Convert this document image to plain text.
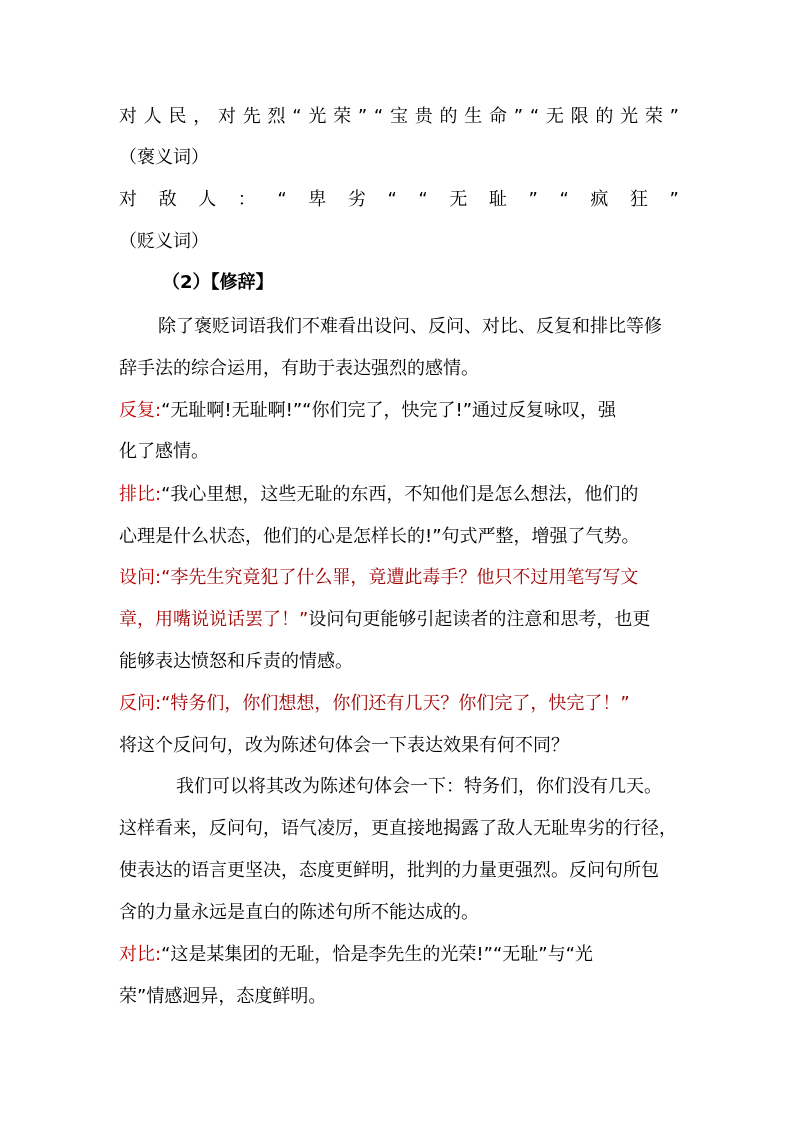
对 人 民 ， 对 先 烈 “ 光 荣 ” “ 宝 贵 的 生 命 ” “ 无 限 的 光 荣 ”
（褒义词）
对 敌 人 ： “ 卑 劣 “ “ 无 耻 ” “ 疯 狂 ”
（贬义词）
（2）【修辞】
除了褒贬词语我们不难看出设问、反问、对比、反复和排比等修
辞手法的综合运用，有助于表达强烈的感情。
反复:“无耻啊!无耻啊!”“你们完了，快完了!”通过反复咏叹，强
化了感情。
排比:“我心里想，这些无耻的东西，不知他们是怎么想法，他们的
心理是什么状态，他们的心是怎样长的!”句式严整，增强了气势。
设问:“李先生究竟犯了什么罪，竟遭此毒手？他只不过用笔写写文
章，用嘴说说话罢了！”设问句更能够引起读者的注意和思考，也更
能够表达愤怒和斥责的情感。
反问:“特务们，你们想想，你们还有几天？你们完了，快完了！”
将这个反问句，改为陈述句体会一下表达效果有何不同？
我们可以将其改为陈述句体会一下：特务们，你们没有几天。
这样看来，反问句，语气凌厉，更直接地揭露了敌人无耻卑劣的行径，
使表达的语言更坚决，态度更鲜明，批判的力量更强烈。反问句所包
含的力量永远是直白的陈述句所不能达成的。
对比:“这是某集团的无耻，恰是李先生的光荣!”“无耻”与“光
荣”情感迥异，态度鲜明。
